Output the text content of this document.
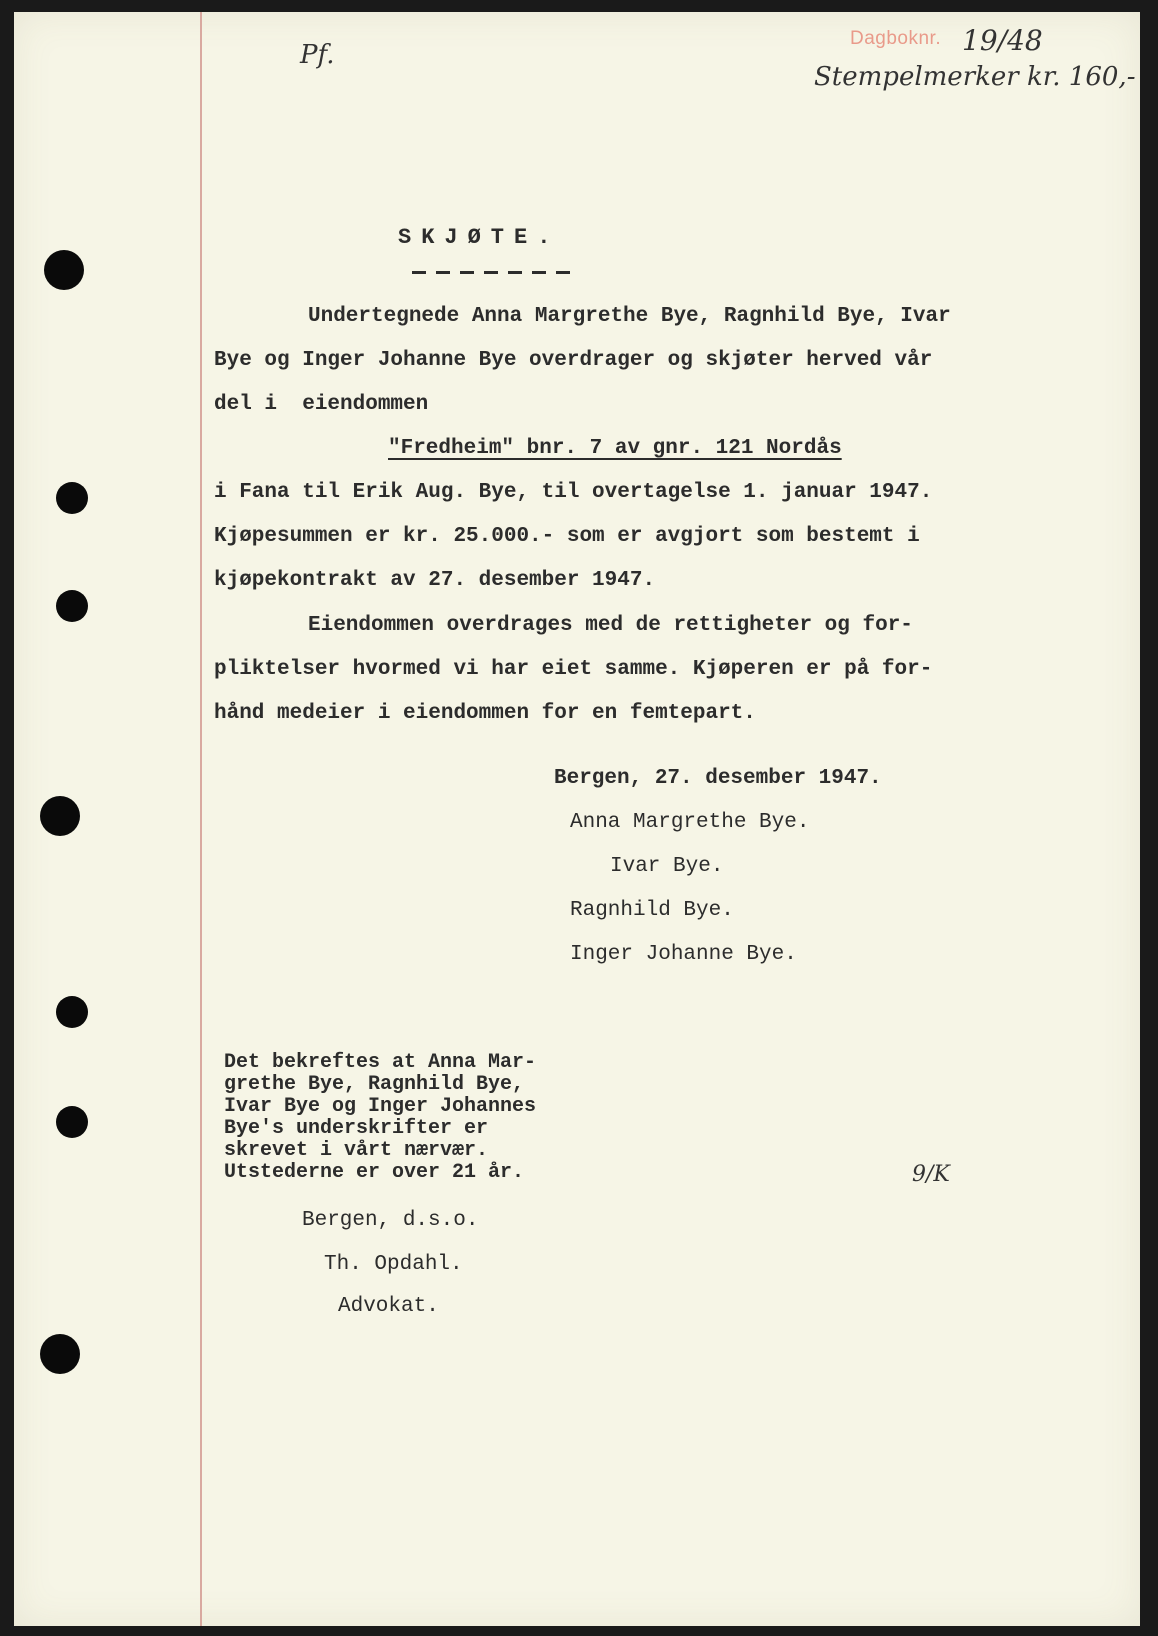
Pf.
Dagboknr. 19/48
Stempelmerker kr. 160,-
SKJØTE.
Undertegnede Anna Margrethe Bye, Ragnhild Bye, Ivar
Bye og Inger Johanne Bye overdrager og skjøter herved vår
del i  eiendommen
"Fredheim" bnr. 7 av gnr. 121 Nordås
i Fana til Erik Aug. Bye, til overtagelse 1. januar 1947.
Kjøpesummen er kr. 25.000.- som er avgjort som bestemt i
kjøpekontrakt av 27. desember 1947.
Eiendommen overdrages med de rettigheter og for-
pliktelser hvormed vi har eiet samme. Kjøperen er på for-
hånd medeier i eiendommen for en femtepart.
Bergen, 27. desember 1947.
Anna Margrethe Bye.
Ivar Bye.
Ragnhild Bye.
Inger Johanne Bye.
Det bekreftes at Anna Mar-
grethe Bye, Ragnhild Bye,
Ivar Bye og Inger Johannes
Bye's underskrifter er
skrevet i vårt nærvær.
Utstederne er over 21 år.	9/K
Bergen, d.s.o.
Th. Opdahl.
Advokat.
